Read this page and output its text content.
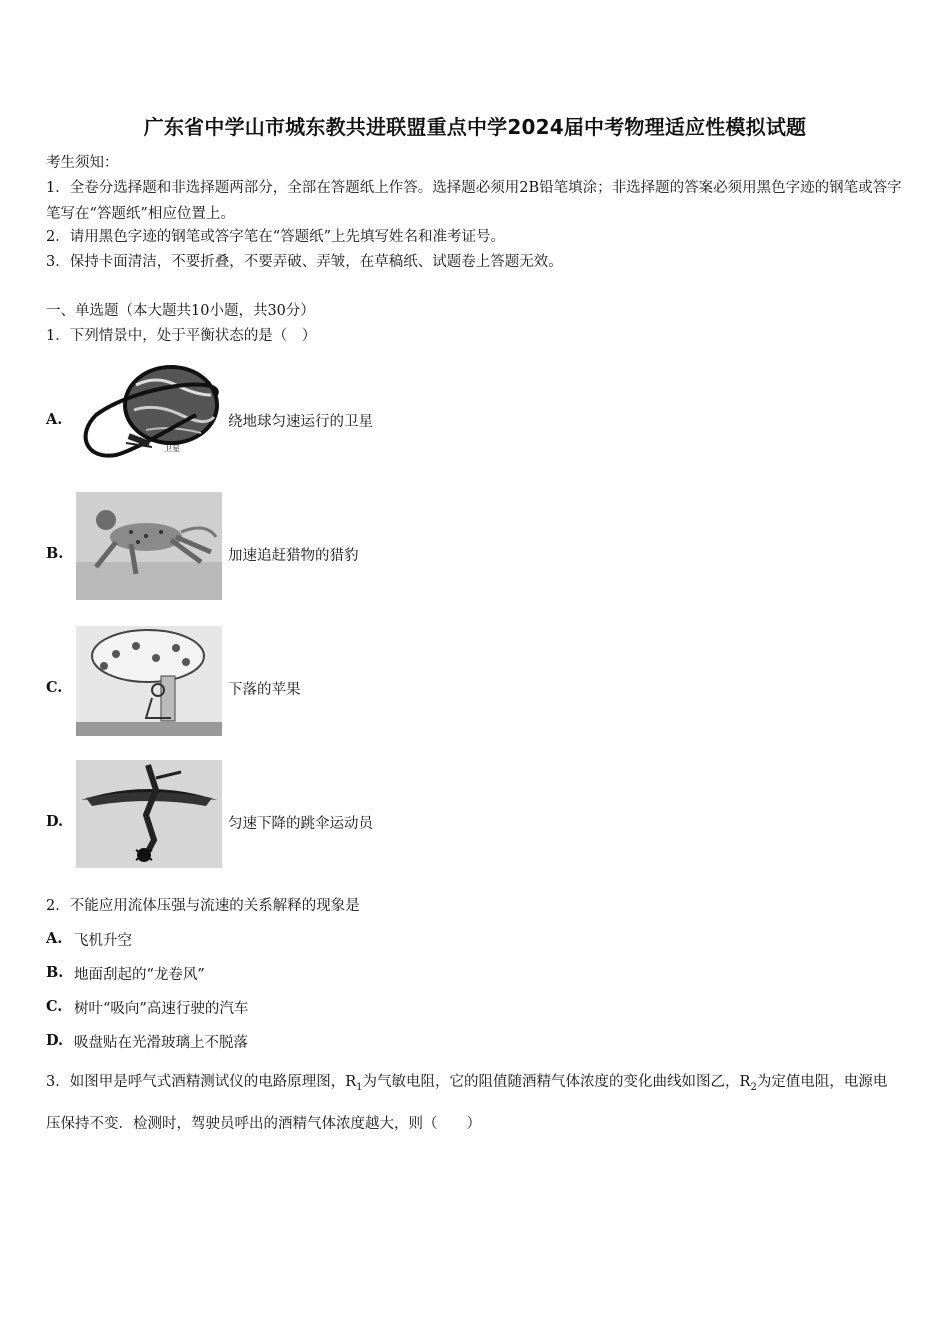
广东省中学山市城东教共进联盟重点中学2024届中考物理适应性模拟试题
考生须知：
1．全卷分选择题和非选择题两部分，全部在答题纸上作答。选择题必须用2B铅笔填涂；非选择题的答案必须用黑色字迹的钢笔或答字笔写在“答题纸”相应位置上。
2．请用黑色字迹的钢笔或答字笔在“答题纸”上先填写姓名和准考证号。
3．保持卡面清洁，不要折叠，不要弄破、弄皱，在草稿纸、试题卷上答题无效。
一、单选题（本大题共10小题，共30分）
1．下列情景中，处于平衡状态的是（　）
A.
卫星
绕地球匀速运行的卫星
B.	加速追赶猎物的猎豹
C.	下落的苹果
D.	匀速下降的跳伞运动员
2．不能应用流体压强与流速的关系解释的现象是
A. 飞机升空
B. 地面刮起的“龙卷风”
C. 树叶“吸向”高速行驶的汽车
D. 吸盘贴在光滑玻璃上不脱落
3．如图甲是呼气式酒精测试仪的电路原理图，$R_1$为气敏电阻，它的阻值随酒精气体浓度的变化曲线如图乙，$R_2$为定值电阻，电源电压保持不变．检测时，驾驶员呼出的酒精气体浓度越大，则（　　）
